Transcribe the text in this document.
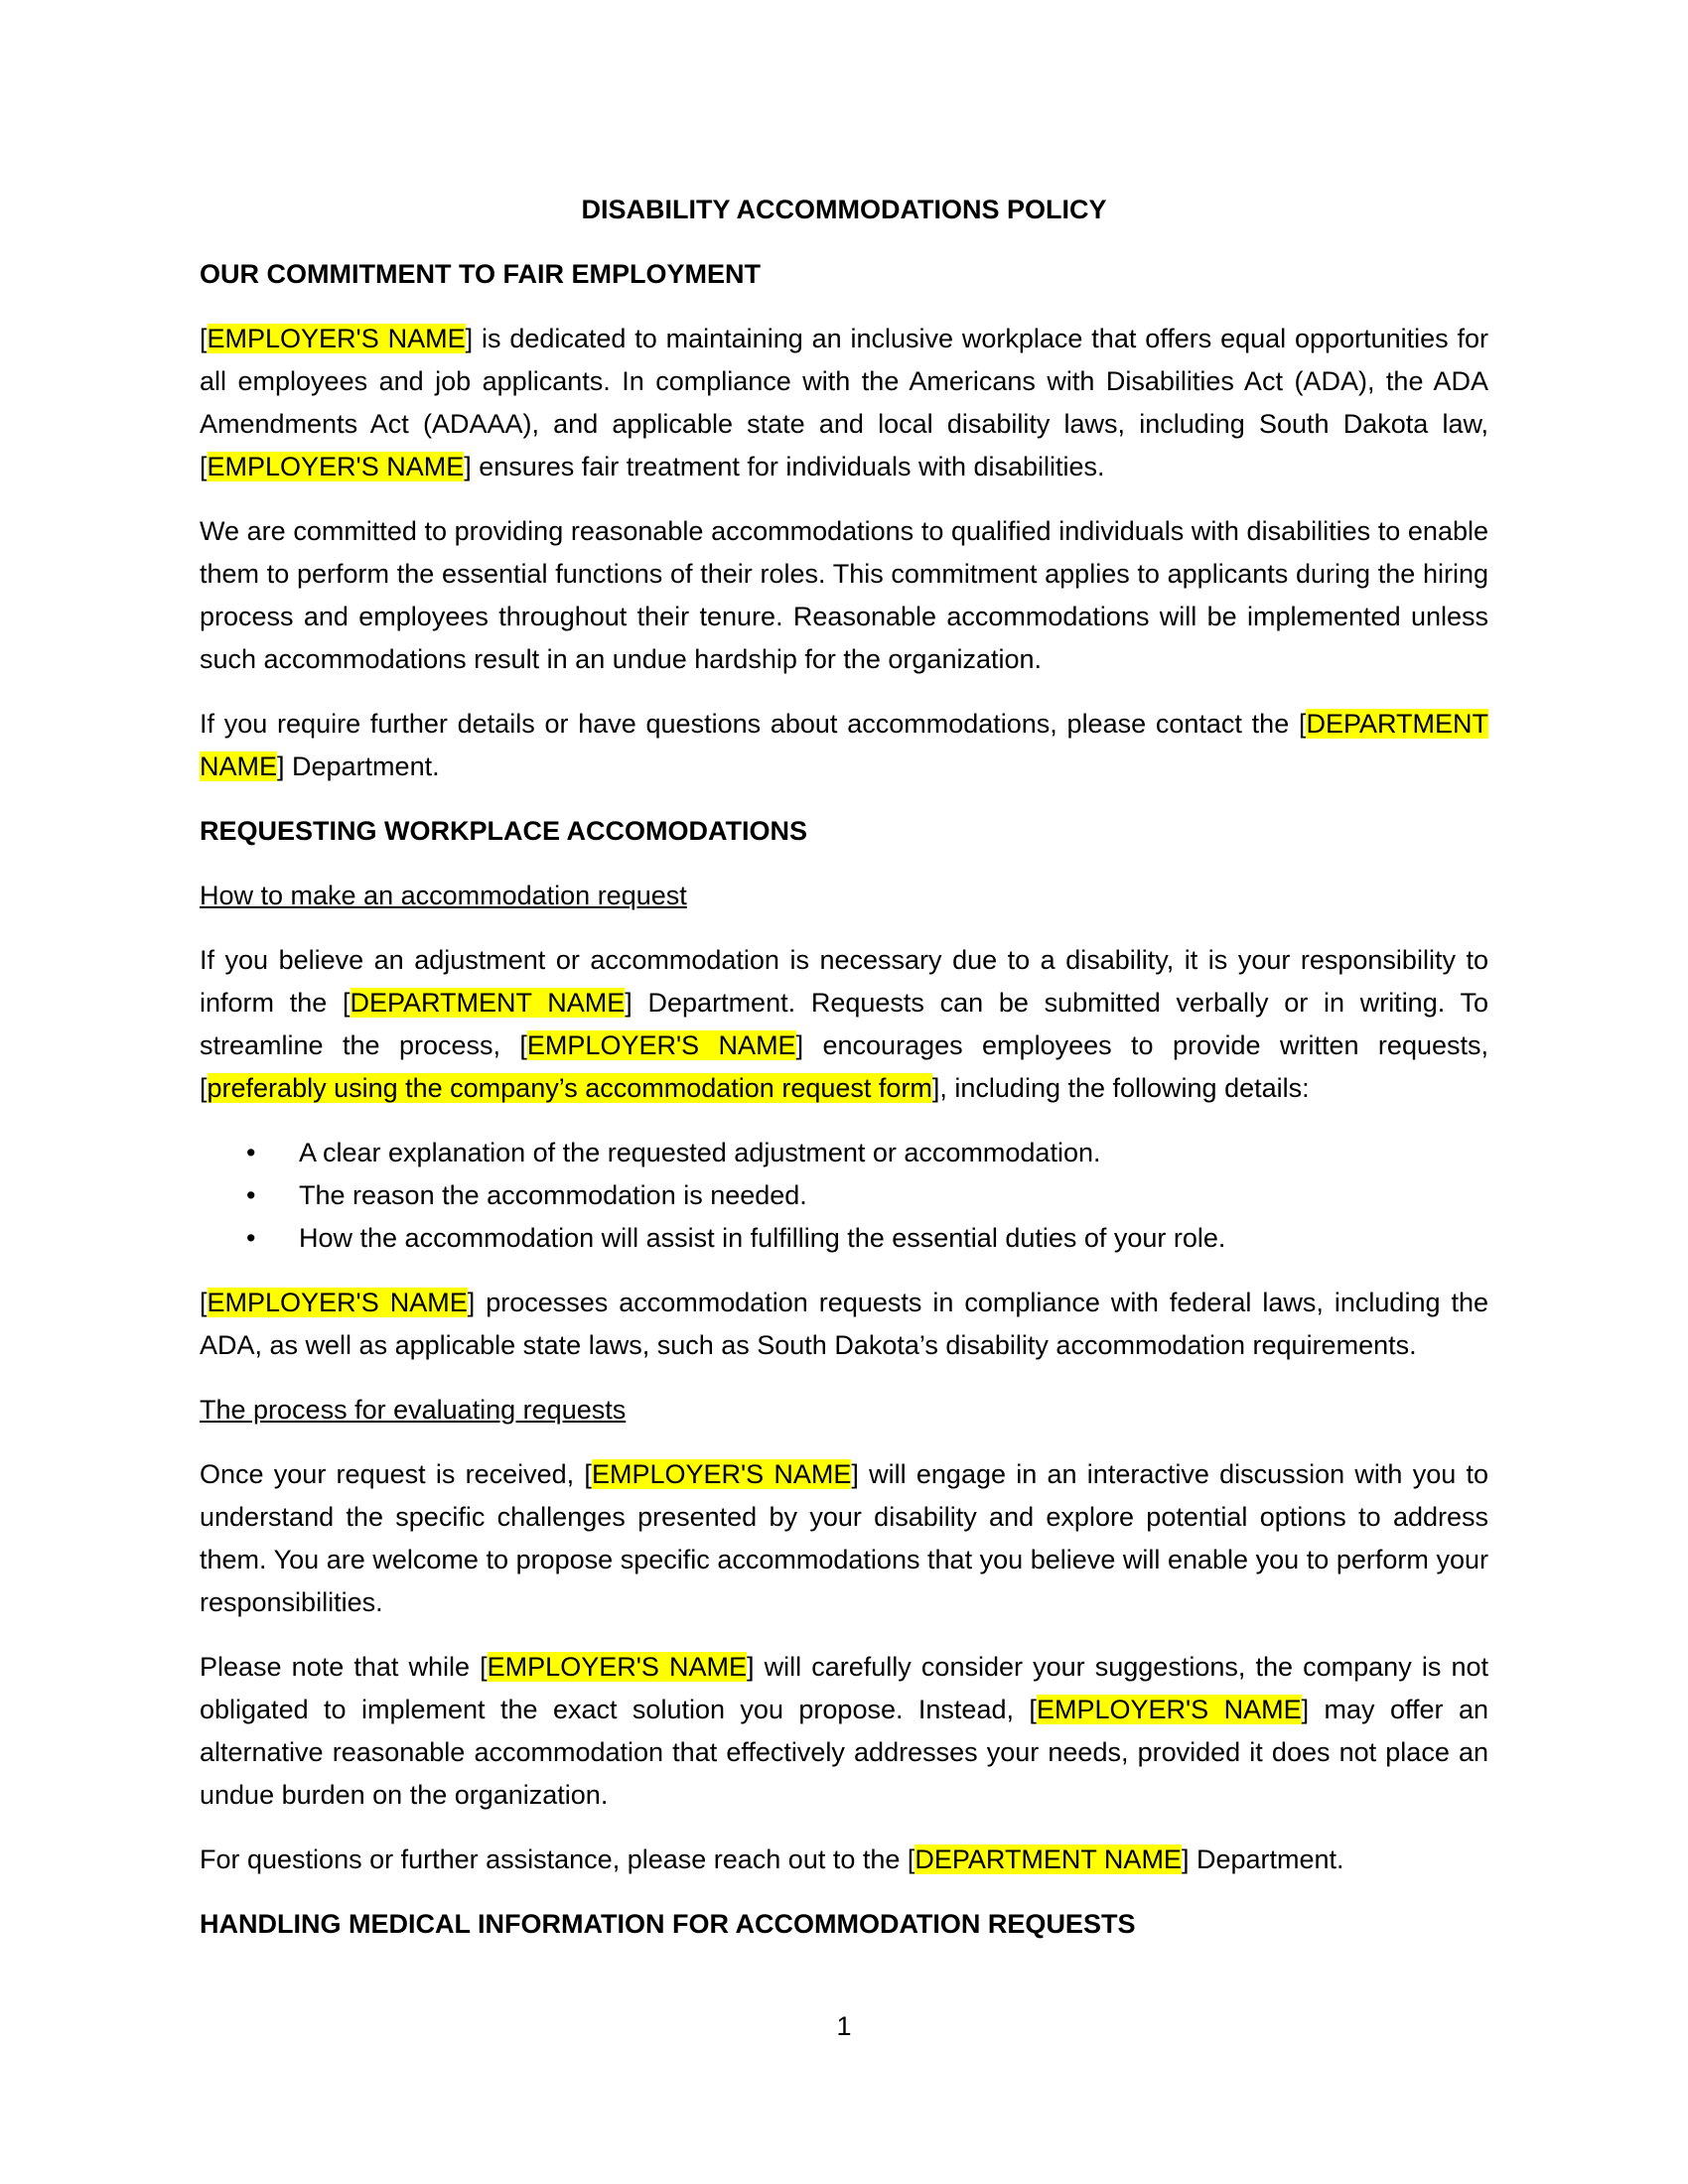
DISABILITY ACCOMMODATIONS POLICY
OUR COMMITMENT TO FAIR EMPLOYMENT

[EMPLOYER'S NAME] is dedicated to maintaining an inclusive workplace that offers equal opportunities for all employees and job applicants. In compliance with the Americans with Disabilities Act (ADA), the ADA Amendments Act (ADAAA), and applicable state and local disability laws, including South Dakota law, [EMPLOYER'S NAME] ensures fair treatment for individuals with disabilities.

We are committed to providing reasonable accommodations to qualified individuals with disabilities to enable them to perform the essential functions of their roles. This commitment applies to applicants during the hiring process and employees throughout their tenure. Reasonable accommodations will be implemented unless such accommodations result in an undue hardship for the organization.

If you require further details or have questions about accommodations, please contact the [DEPARTMENT NAME] Department.

REQUESTING WORKPLACE ACCOMODATIONS
How to make an accommodation request

If you believe an adjustment or accommodation is necessary due to a disability, it is your responsibility to inform the [DEPARTMENT NAME] Department. Requests can be submitted verbally or in writing. To streamline the process, [EMPLOYER'S NAME] encourages employees to provide written requests, [preferably using the company’s accommodation request form], including the following details:

• A clear explanation of the requested adjustment or accommodation.
• The reason the accommodation is needed.
• How the accommodation will assist in fulfilling the essential duties of your role.

[EMPLOYER'S NAME] processes accommodation requests in compliance with federal laws, including the ADA, as well as applicable state laws, such as South Dakota’s disability accommodation requirements.

The process for evaluating requests

Once your request is received, [EMPLOYER'S NAME] will engage in an interactive discussion with you to understand the specific challenges presented by your disability and explore potential options to address them. You are welcome to propose specific accommodations that you believe will enable you to perform your responsibilities.

Please note that while [EMPLOYER'S NAME] will carefully consider your suggestions, the company is not obligated to implement the exact solution you propose. Instead, [EMPLOYER'S NAME] may offer an alternative reasonable accommodation that effectively addresses your needs, provided it does not place an undue burden on the organization.

For questions or further assistance, please reach out to the [DEPARTMENT NAME] Department.

HANDLING MEDICAL INFORMATION FOR ACCOMMODATION REQUESTS
1
